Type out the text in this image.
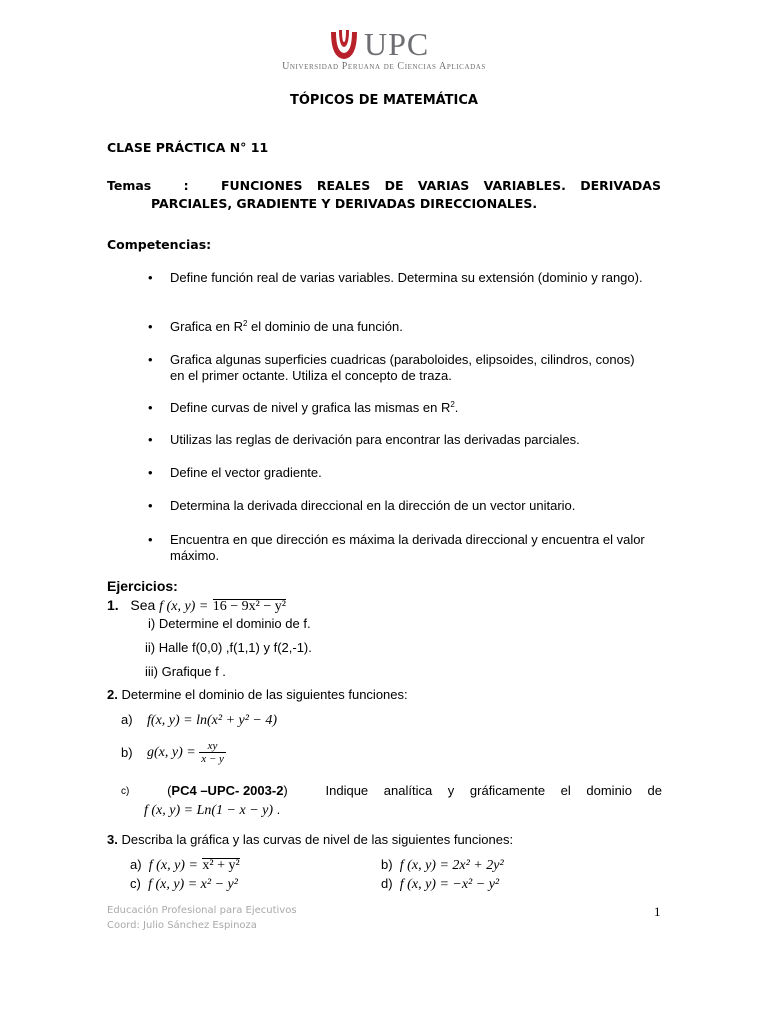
UPC
Universidad Peruana de Ciencias Aplicadas
TÓPICOS DE MATEMÁTICA
CLASE PRÁCTICA N° 11
Temas	:	FUNCIONES REALES DE VARIAS VARIABLES. DERIVADAS
PARCIALES, GRADIENTE Y DERIVADAS DIRECCIONALES.
Competencias:
• Define función real de varias variables. Determina su extensión (dominio y rango).
• Grafica en $R^2$ el dominio de una función.
• Grafica algunas superficies cuadricas (paraboloides, elipsoides, cilindros, conos) en el primer octante. Utiliza el concepto de traza.
• Define curvas de nivel y grafica las mismas en $R^2$.
• Utilizas las reglas de derivación para encontrar las derivadas parciales.
• Define el vector gradiente.
• Determina la derivada direccional en la dirección de un vector unitario.
• Encuentra en que dirección es máxima la derivada direccional y encuentra el valor máximo.
Ejercicios:
1. Sea f (x, y) = 16 − 9x² − y²
i) Determine el dominio de f.
ii) Halle f(0,0) ,f(1,1) y f(2,-1).
iii) Grafique f .
2. Determine el dominio de las siguientes funciones:
a) f(x, y) = ln(x² + y² − 4)
b) g(x, $y) = \frac{xy}{x - y}$
c)	(PC4 –UPC- 2003-2)	Indique analítica y gráficamente el dominio de
f (x, y) = Ln(1 − x − y) .
3. Describa la gráfica y las curvas de nivel de las siguientes funciones:
a) f (x, y) = x² + y²	b) f (x, y) = 2x² + 2y²
c) f (x, y) = x² − y²	d) f (x, y) = −x² − y²
Educación Profesional para Ejecutivos
Coord: Julio Sánchez Espinoza
1
